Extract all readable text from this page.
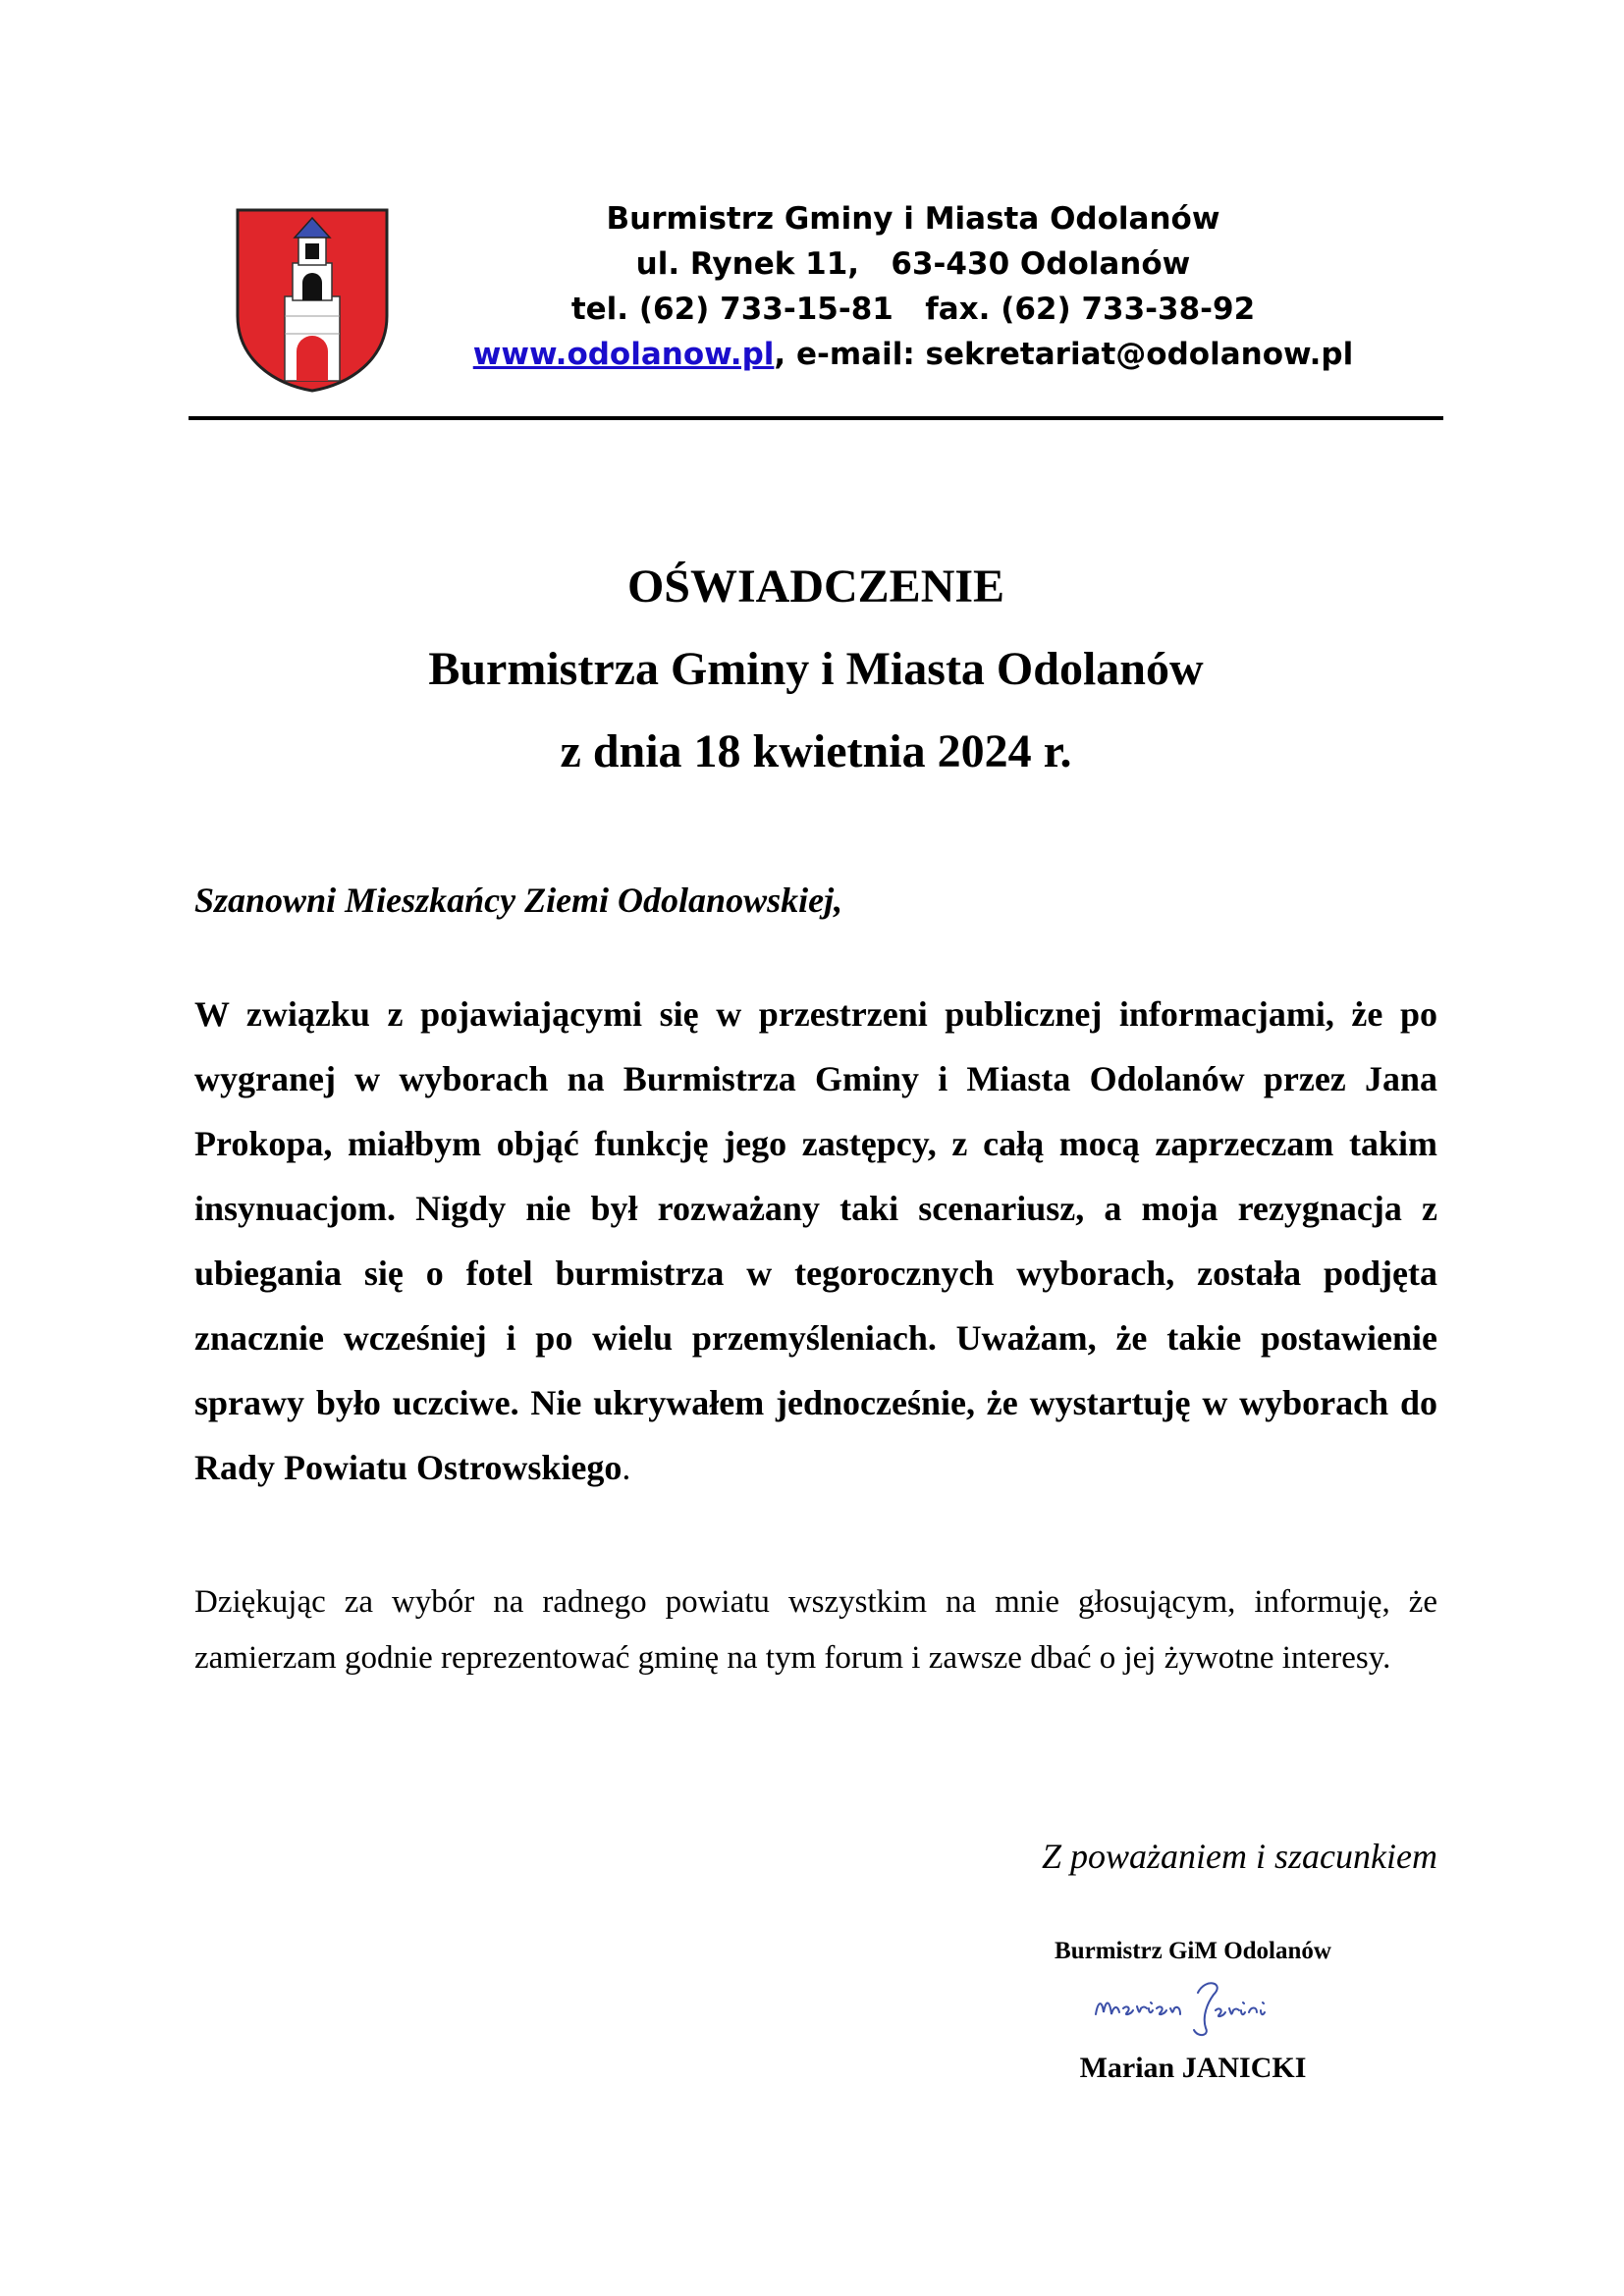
Burmistrz Gminy i Miasta Odolanów
ul. Rynek 11,   63-430 Odolanów
tel. (62) 733-15-81   fax. (62) 733-38-92
www.odolanow.pl, e-mail: sekretariat@odolanow.pl
OŚWIADCZENIE
Burmistrza Gminy i Miasta Odolanów
z dnia 18 kwietnia 2024 r.
Szanowni Mieszkańcy Ziemi Odolanowskiej,
W związku z pojawiającymi się w przestrzeni publicznej informacjami, że po wygranej w wyborach na Burmistrza Gminy i Miasta Odolanów przez Jana Prokopa, miałbym objąć funkcję jego zastępcy, z całą mocą zaprzeczam takim insynuacjom. Nigdy nie był rozważany taki scenariusz, a moja rezygnacja z ubiegania się o fotel burmistrza w tegorocznych wyborach, została podjęta znacznie wcześniej i po wielu przemyśleniach. Uważam, że takie postawienie sprawy było uczciwe. Nie ukrywałem jednocześnie, że wystartuję w wyborach do Rady Powiatu Ostrowskiego.
Dziękując za wybór na radnego powiatu wszystkim na mnie głosującym, informuję, że zamierzam godnie reprezentować gminę na tym forum i zawsze dbać o jej żywotne interesy.
Z poważaniem i szacunkiem
Burmistrz GiM Odolanów
Marian JANICKI
